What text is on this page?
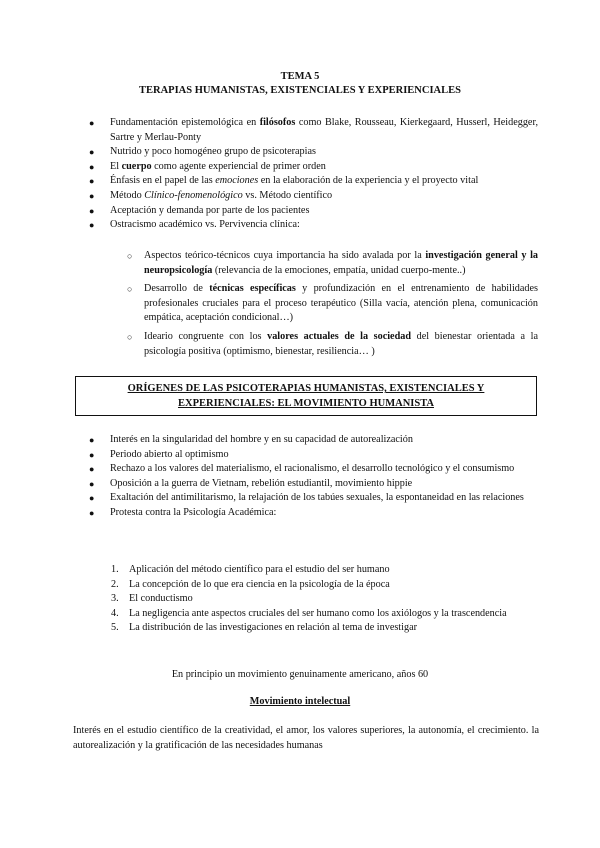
TEMA 5
TERAPIAS HUMANISTAS, EXISTENCIALES Y EXPERIENCIALES
● Fundamentación epistemológica en filósofos como Blake, Rousseau, Kierkegaard, Husserl, Heidegger, Sartre y Merlau-Ponty
● Nutrido y poco homogéneo grupo de psicoterapias
● El cuerpo como agente experiencial de primer orden
● Énfasis en el papel de las emociones en la elaboración de la experiencia y el proyecto vital
● Método Clínico-fenomenológico vs. Método científico
● Aceptación y demanda por parte de los pacientes
● Ostracismo académico vs. Pervivencia clínica:
○ Aspectos teórico-técnicos cuya importancia ha sido avalada por la investigación general y la neuropsicología (relevancia de la emociones, empatía, unidad cuerpo-mente..)
○ Desarrollo de técnicas específicas y profundización en el entrenamiento de habilidades profesionales cruciales para el proceso terapéutico (Silla vacía, atención plena, comunicación empática, aceptación condicional…)
○ Ideario congruente con los valores actuales de la sociedad del bienestar orientada a la psicología positiva (optimismo, bienestar, resiliencia… )
ORÍGENES DE LAS PSICOTERAPIAS HUMANISTAS, EXISTENCIALES Y
EXPERIENCIALES: EL MOVIMIENTO HUMANISTA
● Interés en la singularidad del hombre y en su capacidad de autorealización
● Periodo abierto al optimismo
● Rechazo a los valores del materialismo, el racionalismo, el desarrollo tecnológico y el consumismo
● Oposición a la guerra de Vietnam, rebelión estudiantil, movimiento hippie
● Exaltación del antimilitarismo, la relajación de los tabúes sexuales, la espontaneidad en las relaciones
● Protesta contra la Psicología Académica:
1. Aplicación del método científico para el estudio del ser humano
2. La concepción de lo que era ciencia en la psicología de la época
3. El conductismo
4. La negligencia ante aspectos cruciales del ser humano como los axiólogos y la trascendencia
5. La distribución de las investigaciones en relación al tema de investigar
En principio un movimiento genuinamente americano, años 60
Movimiento intelectual
Interés en el estudio científico de la creatividad, el amor, los valores superiores, la autonomía, el crecimiento. la autorealización y la gratificación de las necesidades humanas
